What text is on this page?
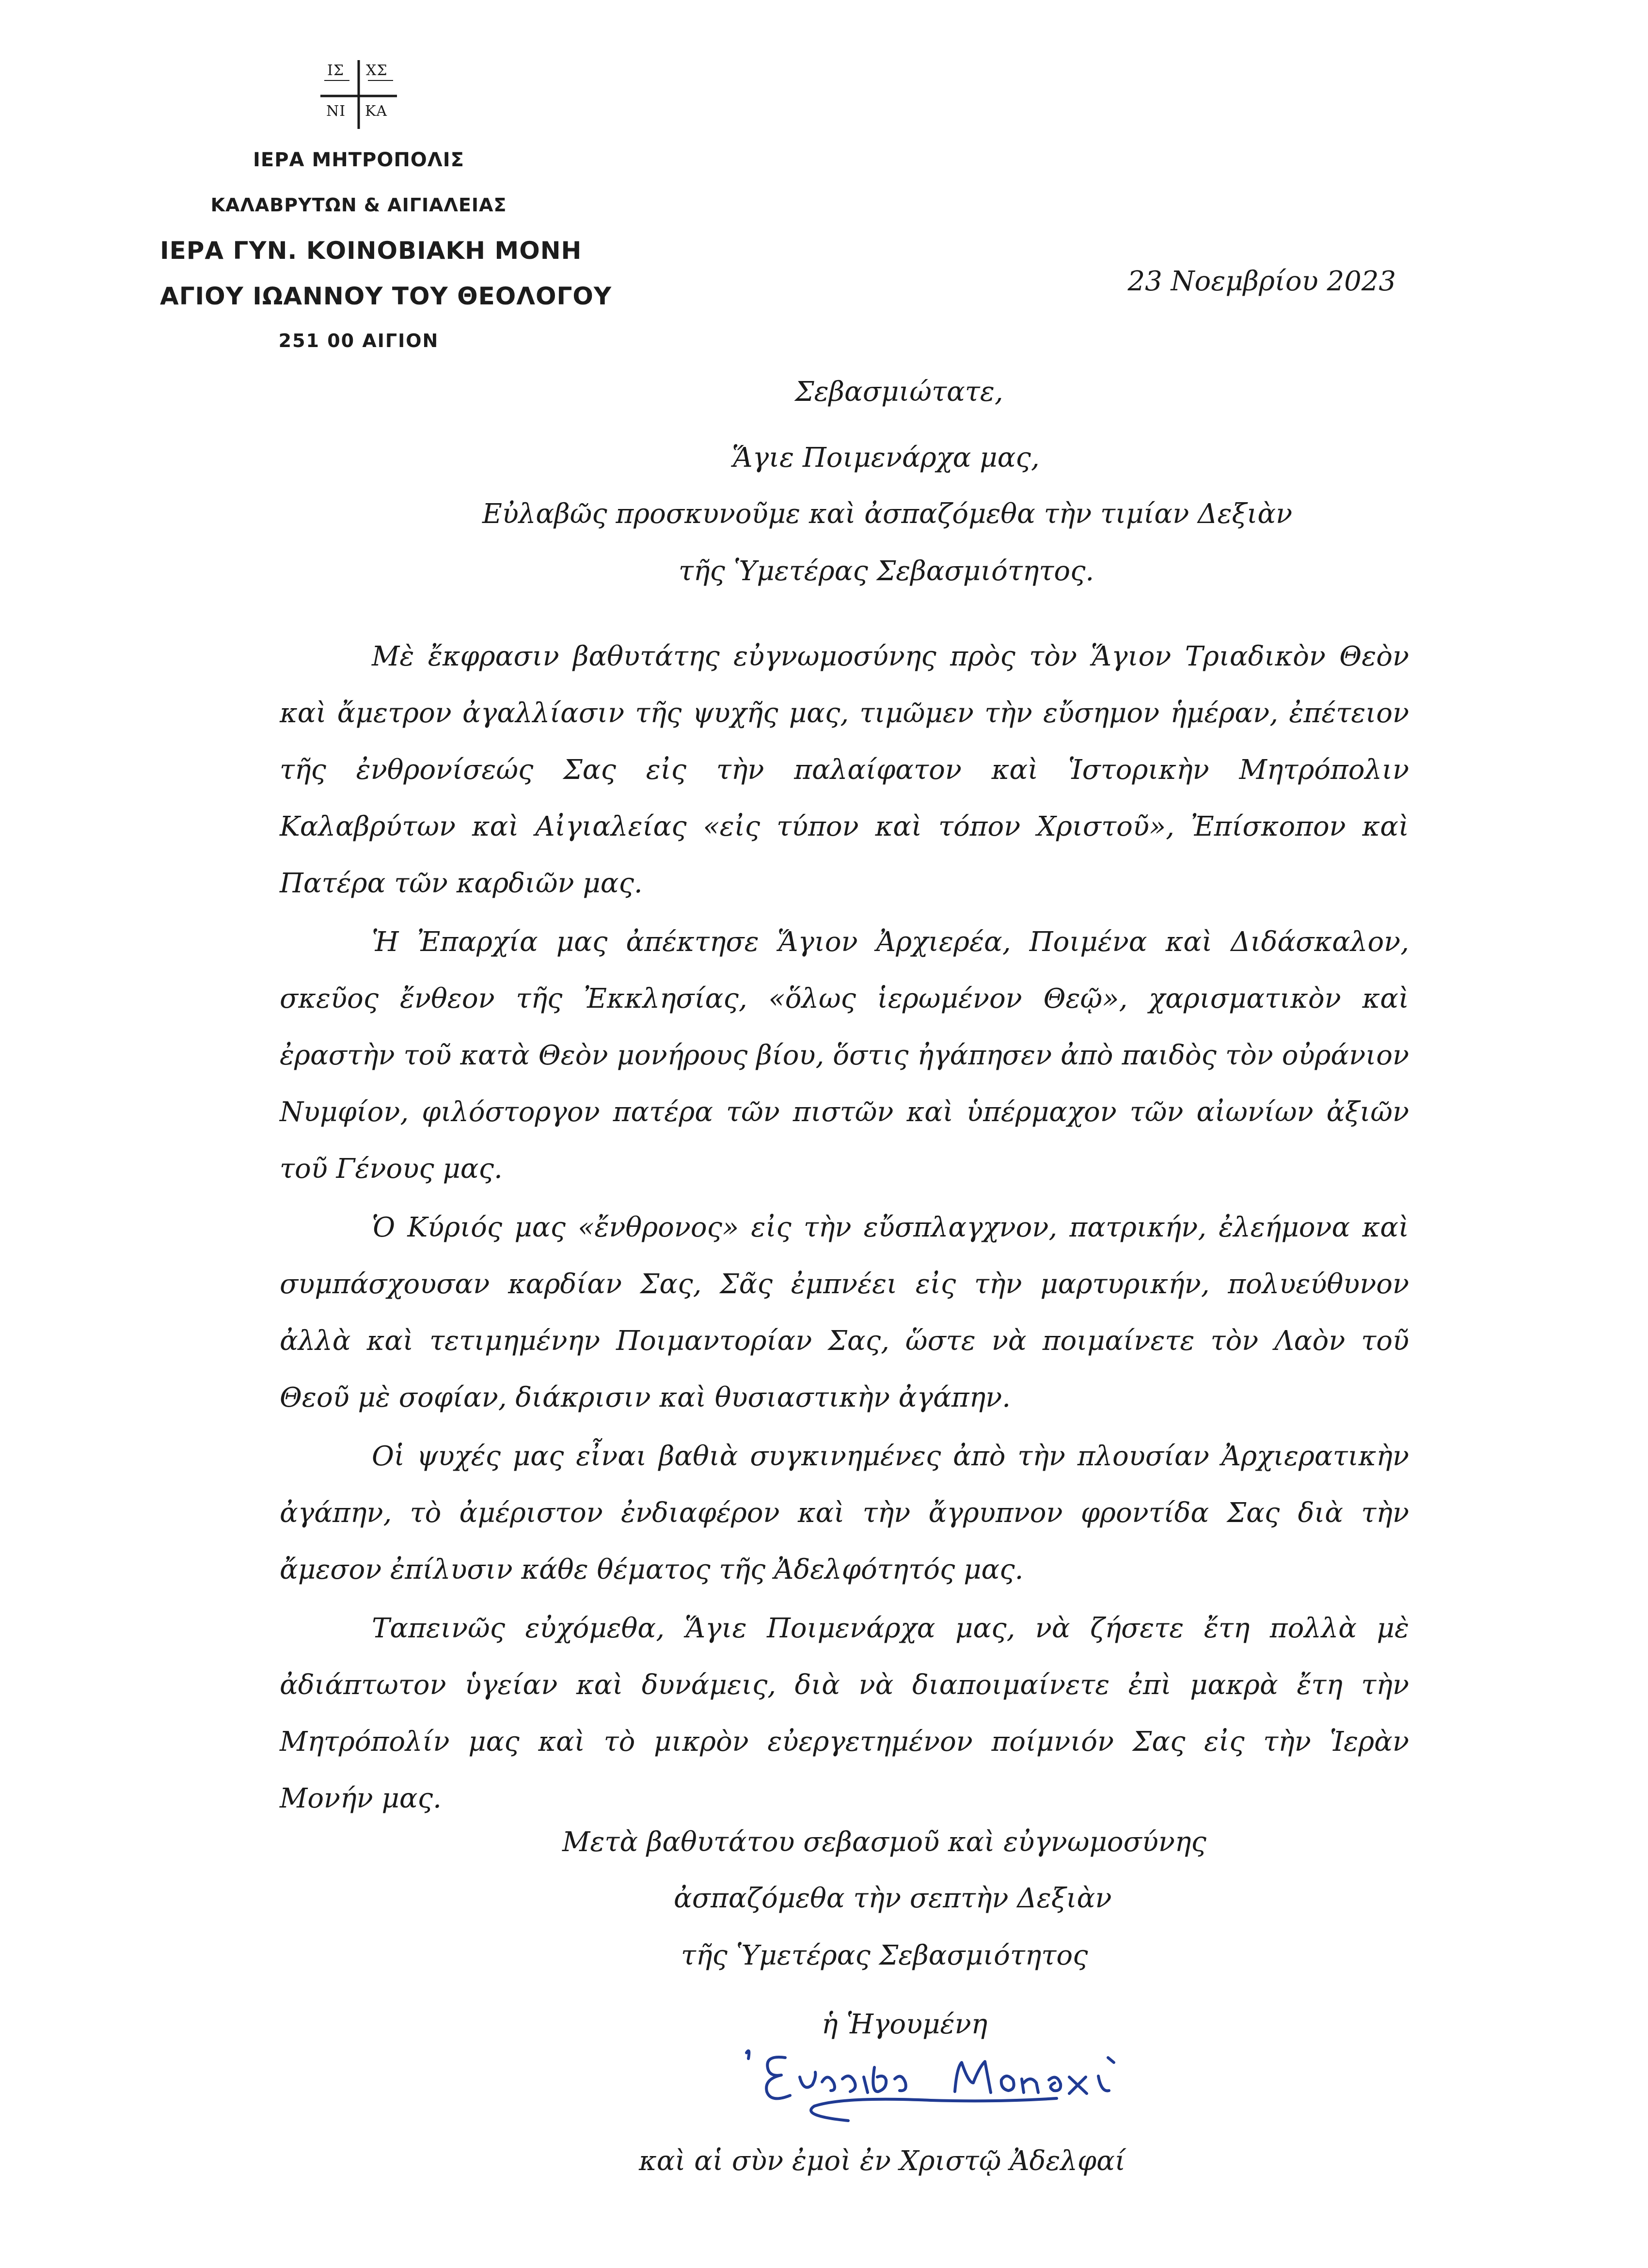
ΙΣ ΧΣ
ΝΙ ΚΑ
ΙΕΡΑ ΜΗΤΡΟΠΟΛΙΣ
ΚΑΛΑΒΡΥΤΩΝ & ΑΙΓΙΑΛΕΙΑΣ
ΙΕΡΑ ΓΥΝ. ΚΟΙΝΟΒΙΑΚΗ ΜΟΝΗ
ΑΓΙΟΥ ΙΩΑΝΝΟΥ ΤΟΥ ΘΕΟΛΟΓΟΥ
251 00 ΑΙΓΙΟΝ
23 Νοεμβρίου 2023
Σεβασμιώτατε,
Ἅγιε Ποιμενάρχα μας,
Εὐλαβῶς προσκυνοῦμε καὶ ἀσπαζόμεθα τὴν τιμίαν Δεξιὰν
τῆς Ὑμετέρας Σεβασμιότητος.

Μὲ ἔκφρασιν βαθυτάτης εὐγνωμοσύνης πρὸς τὸν Ἅγιον Τριαδικὸν Θεὸν καὶ ἄμετρον ἀγαλλίασιν τῆς ψυχῆς μας, τιμῶμεν τὴν εὔσημον ἡμέραν, ἐπέτειον τῆς ἐνθρονίσεώς Σας εἰς τὴν παλαίφατον καὶ Ἱστορικὴν Μητρόπολιν Καλαβρύτων καὶ Αἰγιαλείας «εἰς τύπον καὶ τόπον Χριστοῦ», Ἐπίσκοπον καὶ Πατέρα τῶν καρδιῶν μας.

Ἡ Ἐπαρχία μας ἀπέκτησε Ἅγιον Ἀρχιερέα, Ποιμένα καὶ Διδάσκαλον, σκεῦος ἔνθεον τῆς Ἐκκλησίας, «ὅλως ἱερωμένον Θεῷ», χαρισματικὸν καὶ ἐραστὴν τοῦ κατὰ Θεὸν μονήρους βίου, ὅστις ἠγάπησεν ἀπὸ παιδὸς τὸν οὐράνιον Νυμφίον, φιλόστοργον πατέρα τῶν πιστῶν καὶ ὑπέρμαχον τῶν αἰωνίων ἀξιῶν τοῦ Γένους μας.

Ὁ Κύριός μας «ἔνθρονος» εἰς τὴν εὔσπλαγχνον, πατρικήν, ἐλεήμονα καὶ συμπάσχουσαν καρδίαν Σας, Σᾶς ἐμπνέει εἰς τὴν μαρτυρικήν, πολυεύθυνον ἀλλὰ καὶ τετιμημένην Ποιμαντορίαν Σας, ὥστε νὰ ποιμαίνετε τὸν Λαὸν τοῦ Θεοῦ μὲ σοφίαν, διάκρισιν καὶ θυσιαστικὴν ἀγάπην.

Οἱ ψυχές μας εἶναι βαθιὰ συγκινημένες ἀπὸ τὴν πλουσίαν Ἀρχιερατικὴν ἀγάπην, τὸ ἀμέριστον ἐνδιαφέρον καὶ τὴν ἄγρυπνον φροντίδα Σας διὰ τὴν ἄμεσον ἐπίλυσιν κάθε θέματος τῆς Ἀδελφότητός μας.

Ταπεινῶς εὐχόμεθα, Ἅγιε Ποιμενάρχα μας, νὰ ζήσετε ἔτη πολλὰ μὲ ἀδιάπτωτον ὑγείαν καὶ δυνάμεις, διὰ νὰ διαποιμαίνετε ἐπὶ μακρὰ ἔτη τὴν Μητρόπολίν μας καὶ τὸ μικρὸν εὐεργετημένον ποίμνιόν Σας εἰς τὴν Ἱερὰν Μονήν μας.

Μετὰ βαθυτάτου σεβασμοῦ καὶ εὐγνωμοσύνης
ἀσπαζόμεθα τὴν σεπτὴν Δεξιὰν
τῆς Ὑμετέρας Σεβασμιότητος
ἡ Ἡγουμένη
Ευσεβία Μοναχή
καὶ αἱ σὺν ἐμοὶ ἐν Χριστῷ Ἀδελφαί
